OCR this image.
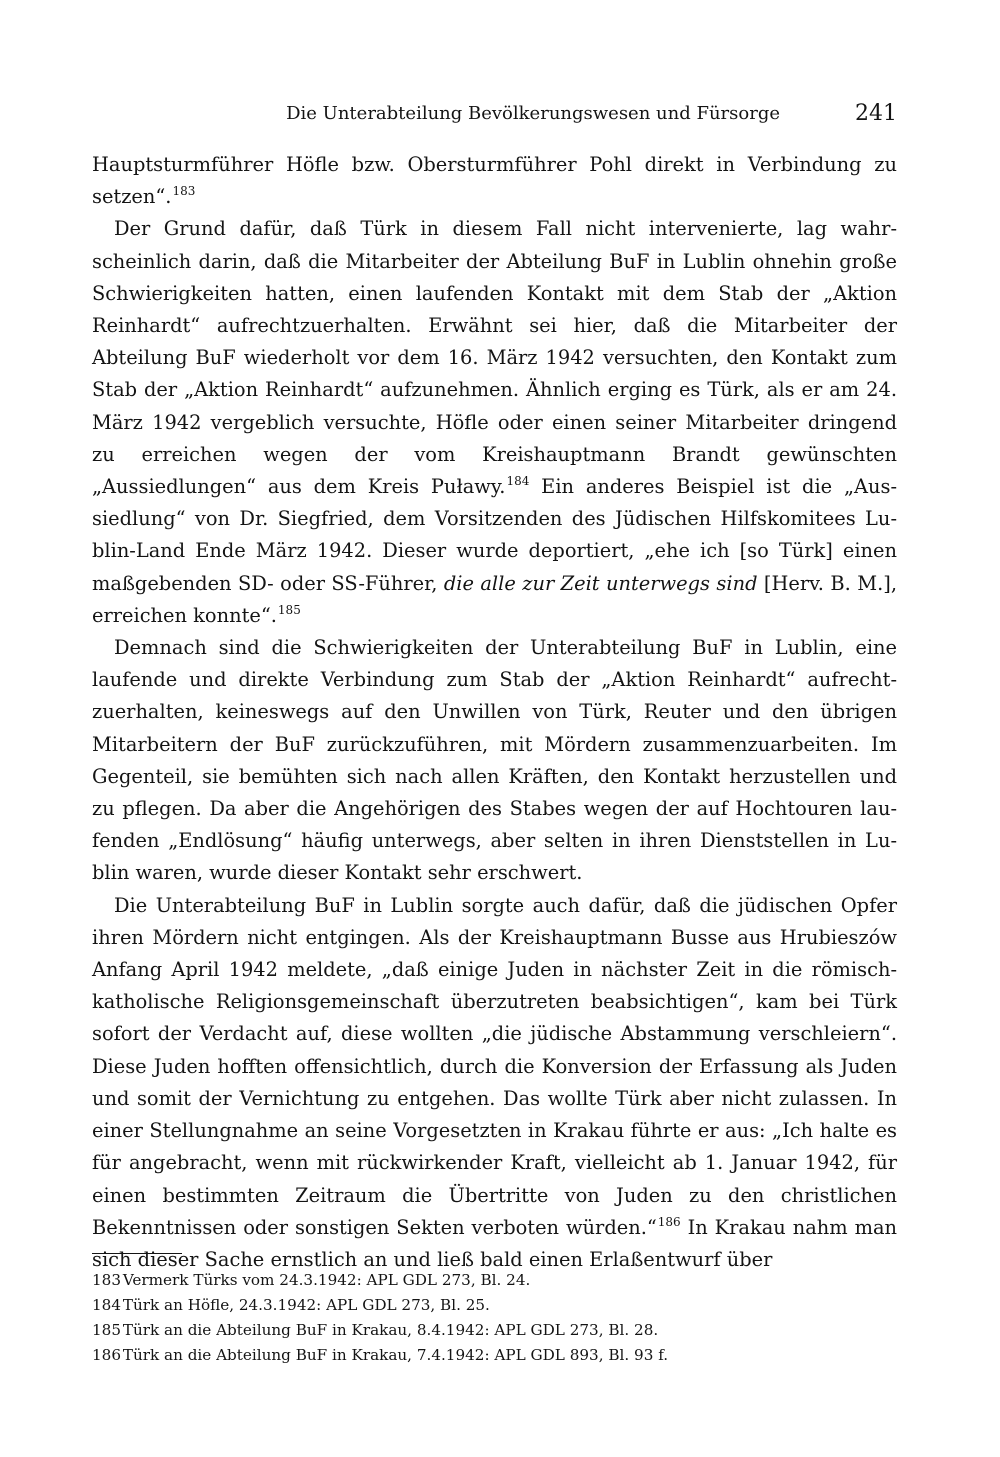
Die Unterabteilung Bevölkerungswesen und Fürsorge	241

Hauptsturmführer Höfle bzw. Obersturmführer Pohl direkt in Verbindung zu setzen“.$^{183}$

Der Grund dafür, daß Türk in diesem Fall nicht intervenierte, lag wahrscheinlich darin, daß die Mitarbeiter der Abteilung BuF in Lublin ohnehin große Schwierigkeiten hatten, einen laufenden Kontakt mit dem Stab der „Aktion Reinhardt“ aufrechtzuerhalten. Erwähnt sei hier, daß die Mitarbeiter der Abteilung BuF wiederholt vor dem 16. März 1942 versuchten, den Kontakt zum Stab der „Aktion Reinhardt“ aufzunehmen. Ähnlich erging es Türk, als er am 24. März 1942 vergeblich versuchte, Höfle oder einen seiner Mitarbeiter dringend zu erreichen wegen der vom Kreishauptmann Brandt gewünschten „Aussiedlungen“ aus dem Kreis Puławy.$^{184}$ Ein anderes Beispiel ist die „Aussiedlung“ von Dr. Siegfried, dem Vorsitzenden des Jüdischen Hilfskomitees Lublin-Land Ende März 1942. Dieser wurde deportiert, „ehe ich [so Türk] einen maßgebenden SD- oder SS-Führer, die alle zur Zeit unterwegs sind [Herv. B. M.], erreichen konnte“.$^{185}$

Demnach sind die Schwierigkeiten der Unterabteilung BuF in Lublin, eine laufende und direkte Verbindung zum Stab der „Aktion Reinhardt“ aufrechtzuerhalten, keineswegs auf den Unwillen von Türk, Reuter und den übrigen Mitarbeitern der BuF zurückzuführen, mit Mördern zusammenzuarbeiten. Im Gegenteil, sie bemühten sich nach allen Kräften, den Kontakt herzustellen und zu pflegen. Da aber die Angehörigen des Stabes wegen der auf Hochtouren laufenden „Endlösung“ häufig unterwegs, aber selten in ihren Dienststellen in Lublin waren, wurde dieser Kontakt sehr erschwert.

Die Unterabteilung BuF in Lublin sorgte auch dafür, daß die jüdischen Opfer ihren Mördern nicht entgingen. Als der Kreishauptmann Busse aus Hrubieszów Anfang April 1942 meldete, „daß einige Juden in nächster Zeit in die römischkatholische Religionsgemeinschaft überzutreten beabsichtigen“, kam bei Türk sofort der Verdacht auf, diese wollten „die jüdische Abstammung verschleiern“. Diese Juden hofften offensichtlich, durch die Konversion der Erfassung als Juden und somit der Vernichtung zu entgehen. Das wollte Türk aber nicht zulassen. In einer Stellungnahme an seine Vorgesetzten in Krakau führte er aus: „Ich halte es für angebracht, wenn mit rückwirkender Kraft, vielleicht ab 1. Januar 1942, für einen bestimmten Zeitraum die Übertritte von Juden zu den christlichen Bekenntnissen oder sonstigen Sekten verboten würden.“$^{186}$ In Krakau nahm man sich dieser Sache ernstlich an und ließ bald einen Erlaßentwurf über

183 Vermerk Türks vom 24.3.1942: APL GDL 273, Bl. 24.
184 Türk an Höfle, 24.3.1942: APL GDL 273, Bl. 25.
185 Türk an die Abteilung BuF in Krakau, 8.4.1942: APL GDL 273, Bl. 28.
186 Türk an die Abteilung BuF in Krakau, 7.4.1942: APL GDL 893, Bl. 93 f.
